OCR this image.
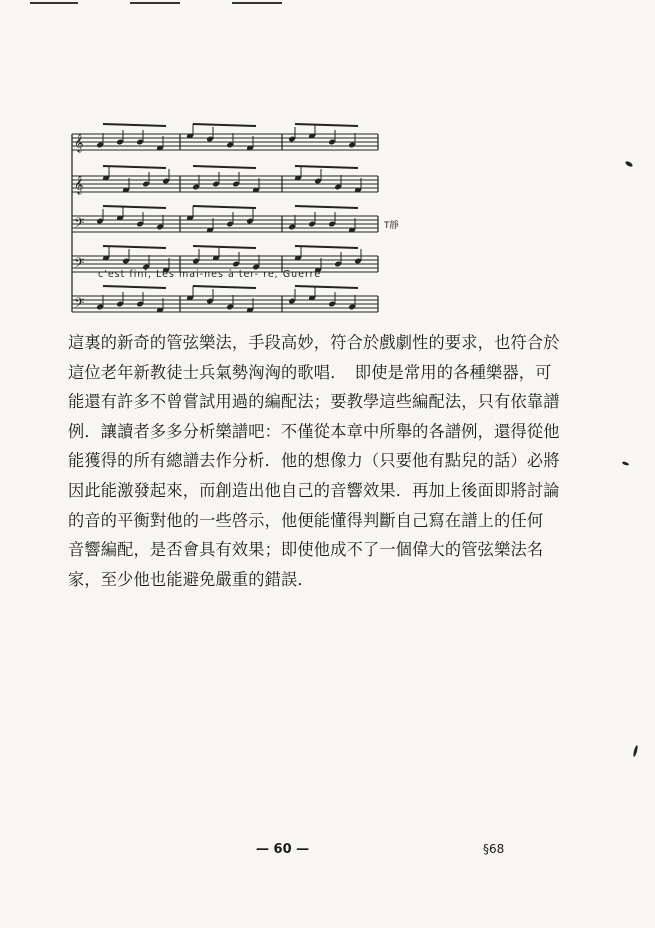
𝄞
𝄞
𝄢
𝄢
𝄢
c'est fini, Les mai-nes à ter- re, Guerre
T靜

這裏的新奇的管弦樂法，手段高妙，符合於戲劇性的要求，也符合於
這位老年新教徒士兵氣勢洶洶的歌唱．　即使是常用的各種樂器，可
能還有許多不曾嘗試用過的編配法；要教學這些編配法，只有依靠譜
例．讓讀者多多分析樂譜吧：不僅從本章中所舉的各譜例，還得從他
能獲得的所有總譜去作分析．他的想像力（只要他有點兒的話）必將
因此能激發起來，而創造出他自己的音響效果．再加上後面即將討論
的音的平衡對他的一些啓示，他便能懂得判斷自己寫在譜上的任何
音響編配，是否會具有效果；即使他成不了一個偉大的管弦樂法名
家，至少他也能避免嚴重的錯誤．

— 60 —	§68
